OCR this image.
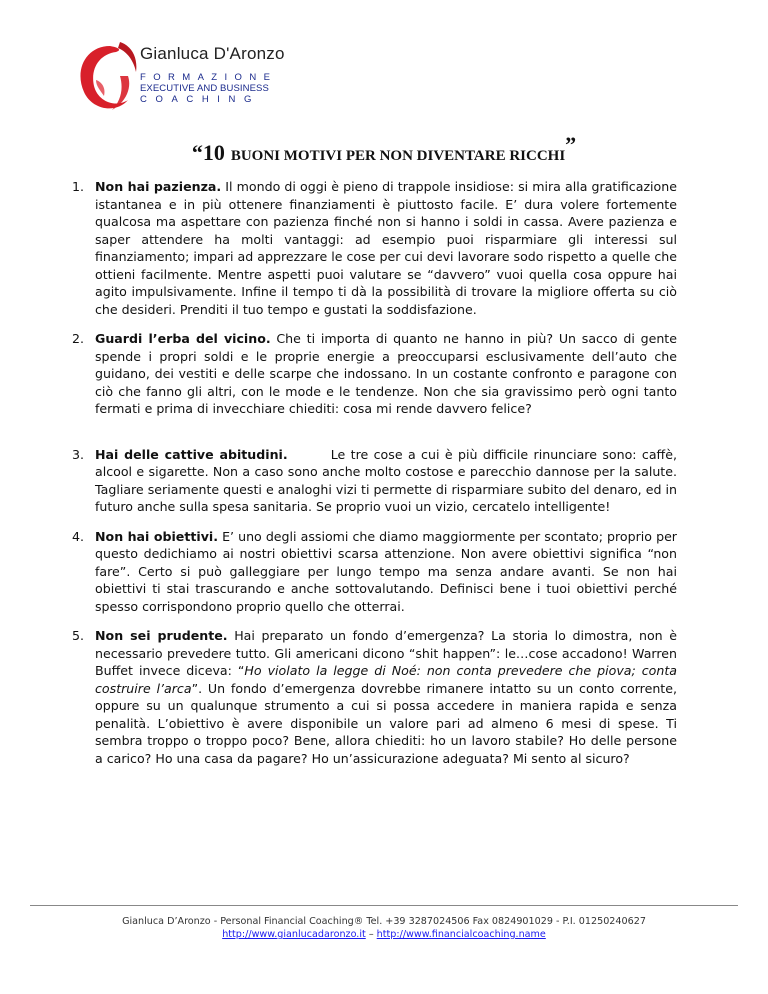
Gianluca D'Aronzo
FORMAZIONE
EXECUTIVE AND BUSINESS
COACHING
“10 BUONI MOTIVI PER NON DIVENTARE RICCHI”
1. Non hai pazienza. Il mondo di oggi è pieno di trappole insidiose: si mira alla gratificazione istantanea e in più ottenere finanziamenti è piuttosto facile. E’ dura volere fortemente qualcosa ma aspettare con pazienza finché non si hanno i soldi in cassa. Avere pazienza e saper attendere ha molti vantaggi: ad esempio puoi risparmiare gli interessi sul finanziamento; impari ad apprezzare le cose per cui devi lavorare sodo rispetto a quelle che ottieni facilmente. Mentre aspetti puoi valutare se “davvero” vuoi quella cosa oppure hai agito impulsivamente. Infine il tempo ti dà la possibilità di trovare la migliore offerta su ciò che desideri. Prenditi il tuo tempo e gustati la soddisfazione.

2. Guardi l’erba del vicino. Che ti importa di quanto ne hanno in più? Un sacco di gente spende i propri soldi e le proprie energie a preoccuparsi esclusivamente dell’auto che guidano, dei vestiti e delle scarpe che indossano. In un costante confronto e paragone con ciò che fanno gli altri, con le mode e le tendenze. Non che sia gravissimo però ogni tanto fermati e prima di invecchiare chiediti: cosa mi rende davvero felice?

3. Hai delle cattive abitudini.        Le tre cose a cui è più difficile rinunciare sono: caffè, alcool e sigarette. Non a caso sono anche molto costose e parecchio dannose per la salute. Tagliare seriamente questi e analoghi vizi ti permette di risparmiare subito del denaro, ed in futuro anche sulla spesa sanitaria. Se proprio vuoi un vizio, cercatelo intelligente!

4. Non hai obiettivi. E’ uno degli assiomi che diamo maggiormente per scontato; proprio per questo dedichiamo ai nostri obiettivi scarsa attenzione. Non avere obiettivi significa “non fare”. Certo si può galleggiare per lungo tempo ma senza andare avanti. Se non hai obiettivi ti stai trascurando e anche sottovalutando. Definisci bene i tuoi obiettivi perché spesso corrispondono proprio quello che otterrai.

5. Non sei prudente. Hai preparato un fondo d’emergenza? La storia lo dimostra, non è necessario prevedere tutto. Gli americani dicono “shit happen”: le…cose accadono! Warren Buffet invece diceva: “Ho violato la legge di Noé: non conta prevedere che piova; conta costruire l’arca”. Un fondo d’emergenza dovrebbe rimanere intatto su un conto corrente, oppure su un qualunque strumento a cui si possa accedere in maniera rapida e senza penalità. L’obiettivo è avere disponibile un valore pari ad almeno 6 mesi di spese. Ti sembra troppo o troppo poco? Bene, allora chiediti: ho un lavoro stabile? Ho delle persone a carico? Ho una casa da pagare? Ho un’assicurazione adeguata? Mi sento al sicuro?

Gianluca D’Aronzo - Personal Financial Coaching® Tel. +39 3287024506 Fax 0824901029 - P.I. 01250240627
http://www.gianlucadaronzo.it – http://www.financialcoaching.name
